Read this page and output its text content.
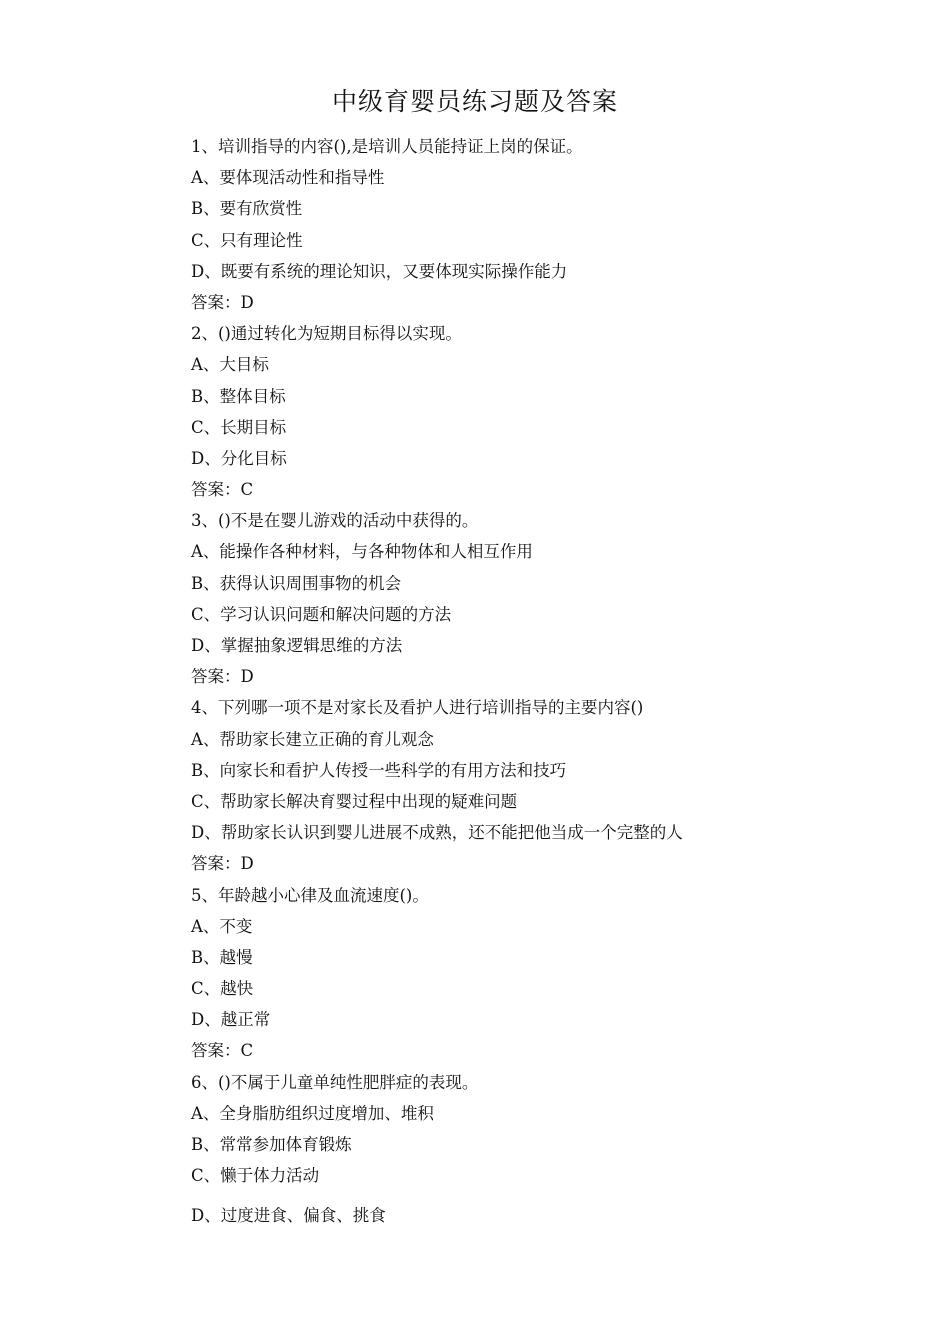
中级育婴员练习题及答案

1、培训指导的内容(),是培训人员能持证上岗的保证。

A、要体现活动性和指导性

B、要有欣赏性

C、只有理论性

D、既要有系统的理论知识，又要体现实际操作能力

答案：D

2、()通过转化为短期目标得以实现。

A、大目标

B、整体目标

C、长期目标

D、分化目标

答案：C

3、()不是在婴儿游戏的活动中获得的。

A、能操作各种材料，与各种物体和人相互作用

B、获得认识周围事物的机会

C、学习认识问题和解决问题的方法

D、掌握抽象逻辑思维的方法

答案：D

4、下列哪一项不是对家长及看护人进行培训指导的主要内容()

A、帮助家长建立正确的育儿观念

B、向家长和看护人传授一些科学的有用方法和技巧

C、帮助家长解决育婴过程中出现的疑难问题

D、帮助家长认识到婴儿进展不成熟，还不能把他当成一个完整的人

答案：D

5、年龄越小心律及血流速度()。

A、不变

B、越慢

C、越快

D、越正常

答案：C

6、()不属于儿童单纯性肥胖症的表现。

A、全身脂肪组织过度增加、堆积

B、常常参加体育锻炼

C、懒于体力活动

D、过度进食、偏食、挑食
